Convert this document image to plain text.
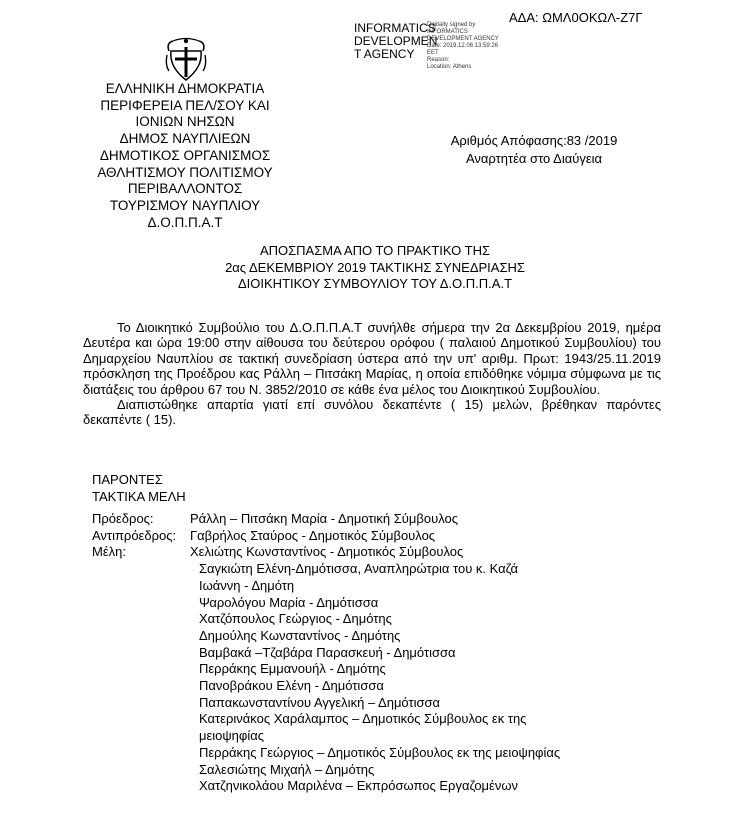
ΑΔΑ: ΩΜΛ0ΟΚΩΛ-Ζ7Γ
INFORMATICS
DEVELOPMEN
T AGENCY
Digitally signed by
INFORMATICS
DEVELOPMENT AGENCY
Date: 2019.12.06 13:59:26
EET
Reason:
Location: Athens
ΕΛΛΗΝΙΚΗ ΔΗΜΟΚΡΑΤΙΑ
ΠΕΡΙΦΕΡΕΙΑ ΠΕΛ/ΣΟΥ ΚΑΙ
ΙΟΝΙΩΝ ΝΗΣΩΝ
ΔΗΜΟΣ ΝΑΥΠΛΙΕΩΝ
ΔΗΜΟΤΙΚΟΣ ΟΡΓΑΝΙΣΜΟΣ
ΑΘΛΗΤΙΣΜΟΥ ΠΟΛΙΤΙΣΜΟΥ
ΠΕΡΙΒΑΛΛΟΝΤΟΣ
ΤΟΥΡΙΣΜΟΥ ΝΑΥΠΛΙΟΥ
Δ.Ο.Π.Π.Α.Τ
Αριθμός Απόφασης:83 /2019
Αναρτητέα στο Διαύγεια
ΑΠΟΣΠΑΣΜΑ ΑΠΟ ΤΟ ΠΡΑΚΤΙΚΟ ΤΗΣ
2ας ΔΕΚΕΜΒΡΙΟΥ 2019 ΤΑΚΤΙΚΗΣ ΣΥΝΕΔΡΙΑΣΗΣ
ΔΙΟΙΚΗΤΙΚΟΥ ΣΥΜΒΟΥΛΙΟΥ ΤΟΥ Δ.Ο.Π.Π.Α.Τ

Το Διοικητικό Συμβούλιο του Δ.Ο.Π.Π.Α.Τ συνήλθε σήμερα την 2α Δεκεμβρίου 2019, ημέρα Δευτέρα και ώρα 19:00 στην αίθουσα του δεύτερου ορόφου ( παλαιού Δημοτικού Συμβουλίου) του Δημαρχείου Ναυπλίου σε τακτική συνεδρίαση ύστερα από την υπ' αριθμ. Πρωτ: 1943/25.11.2019 πρόσκληση της Προέδρου κας Ράλλη – Πιτσάκη Μαρίας, η οποία επιδόθηκε νόμιμα σύμφωνα με τις διατάξεις του άρθρου 67 του Ν. 3852/2010 σε κάθε ένα μέλος του Διοικητικού Συμβουλίου.

Διαπιστώθηκε απαρτία γιατί επί συνόλου δεκαπέντε ( 15) μελών, βρέθηκαν παρόντες δεκαπέντε ( 15).

ΠΑΡΟΝΤΕΣ
ΤΑΚΤΙΚΑ ΜΕΛΗ
Πρόεδρος:	Ράλλη – Πιτσάκη Μαρία - Δημοτική Σύμβουλος
Αντιπρόεδρος:	Γαβρήλος Σταύρος - Δημοτικός Σύμβουλος
Μέλη:	Χελιώτης Κωνσταντίνος - Δημοτικός Σύμβουλος
Σαγκιώτη Ελένη-Δημότισσα, Αναπληρώτρια του κ. Καζά
Ιωάννη - Δημότη
Ψαρολόγου Μαρία - Δημότισσα
Χατζόπουλος Γεώργιος - Δημότης
Δημούλης Κωνσταντίνος - Δημότης
Βαμβακά –Τζαβάρα Παρασκευή - Δημότισσα
Περράκης Εμμανουήλ - Δημότης
Πανοβράκου Ελένη - Δημότισσα
Παπακωνσταντίνου Αγγελική – Δημότισσα
Κατερινάκος Χαράλαμπος – Δημοτικός Σύμβουλος εκ της
μειοψηφίας
Περράκης Γεώργιος – Δημοτικός Σύμβουλος εκ της μειοψηφίας
Σαλεσιώτης Μιχαήλ – Δημότης
Χατζηνικολάου Μαριλένα – Εκπρόσωπος Εργαζομένων
